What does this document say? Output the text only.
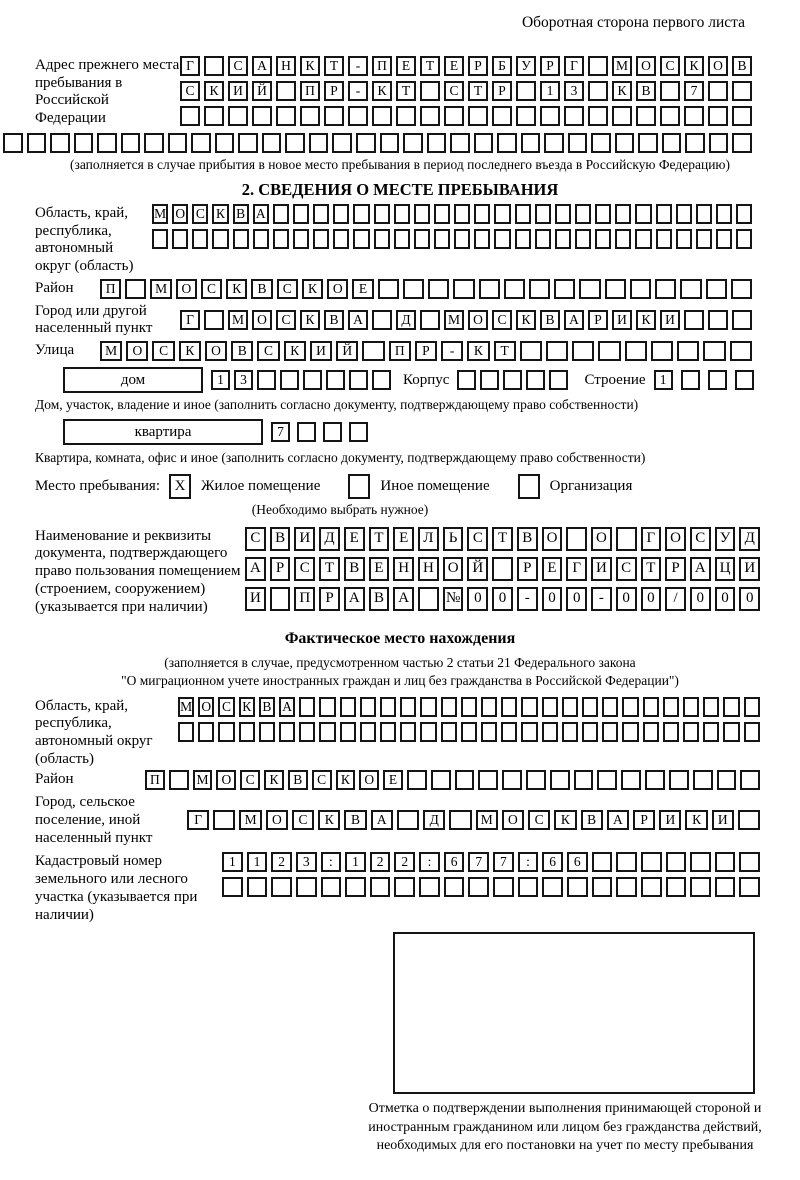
Оборотная сторона первого листа
Адрес прежнего места пребывания в Российской Федерации
Г	С	А	Н	К	Т	-	П	Е	Т	Е	Р	Б	У	Р	Г	М О	С	К	О	В
С	К	И	Й	П	Р	-	К	Т	С	Т	Р	1	3	К	В	7
(заполняется в случае прибытия в новое место пребывания в период последнего въезда в Российскую Федерацию)
2. СВЕДЕНИЯ О МЕСТЕ ПРЕБЫВАНИЯ
Область, край, республика, автономный округ (область)
М О С К В А
Район	П	М	О	С	К	В	С	К	О	Е
Город или другой населенный пункт
Г	М О	С	К	В	А	Д	М О	С	К	В	А	Р	И	К	И
Улица	М	О	С	К	О	В	С	К	И	Й	П	Р	-	К	Т
дом	1	3	Корпус	Строение	1
Дом, участок, владение и иное (заполнить согласно документу, подтверждающему право собственности)
квартира	7
Квартира, комната, офис и иное (заполнить согласно документу, подтверждающему право собственности)
Место пребывания: X	Жилое помещение	Иное помещение	Организация
(Необходимо выбрать нужное)
Наименование и реквизиты документа, подтверждающего право пользования помещением (строением, сооружением) (указывается при наличии)
С В И Д	Е	Т	Е	Л	Ь	С	Т	В О	О	Г О С У Д
А	Р	С	Т	В	Е Н Н О Й	Р	Е	Г И С	Т	Р	А Ц И
И	П	Р	А В А	№ 0	0	-	0	0	-	0	0	/	0	0	0
Фактическое место нахождения
(заполняется в случае, предусмотренном частью 2 статьи 21 Федерального закона
"О миграционном учете иностранных граждан и лиц без гражданства в Российской Федерации")
Область, край, республика, автономный округ (область)
М О С К В А
Район	П	М О	С	К	В	С	К	О	Е
Город, сельское поселение, иной населенный пункт
Г	М	О	С	К	В	А	Д	М	О	С	К	В	А	Р	И	К	И
Кадастровый номер земельного или лесного участка (указывается при наличии)
1	1	2	3	:	1	2	2	:	6	7	7	:	6	6
Отметка о подтверждении выполнения принимающей стороной и иностранным гражданином или лицом без гражданства действий, необходимых для его постановки на учет по месту пребывания
